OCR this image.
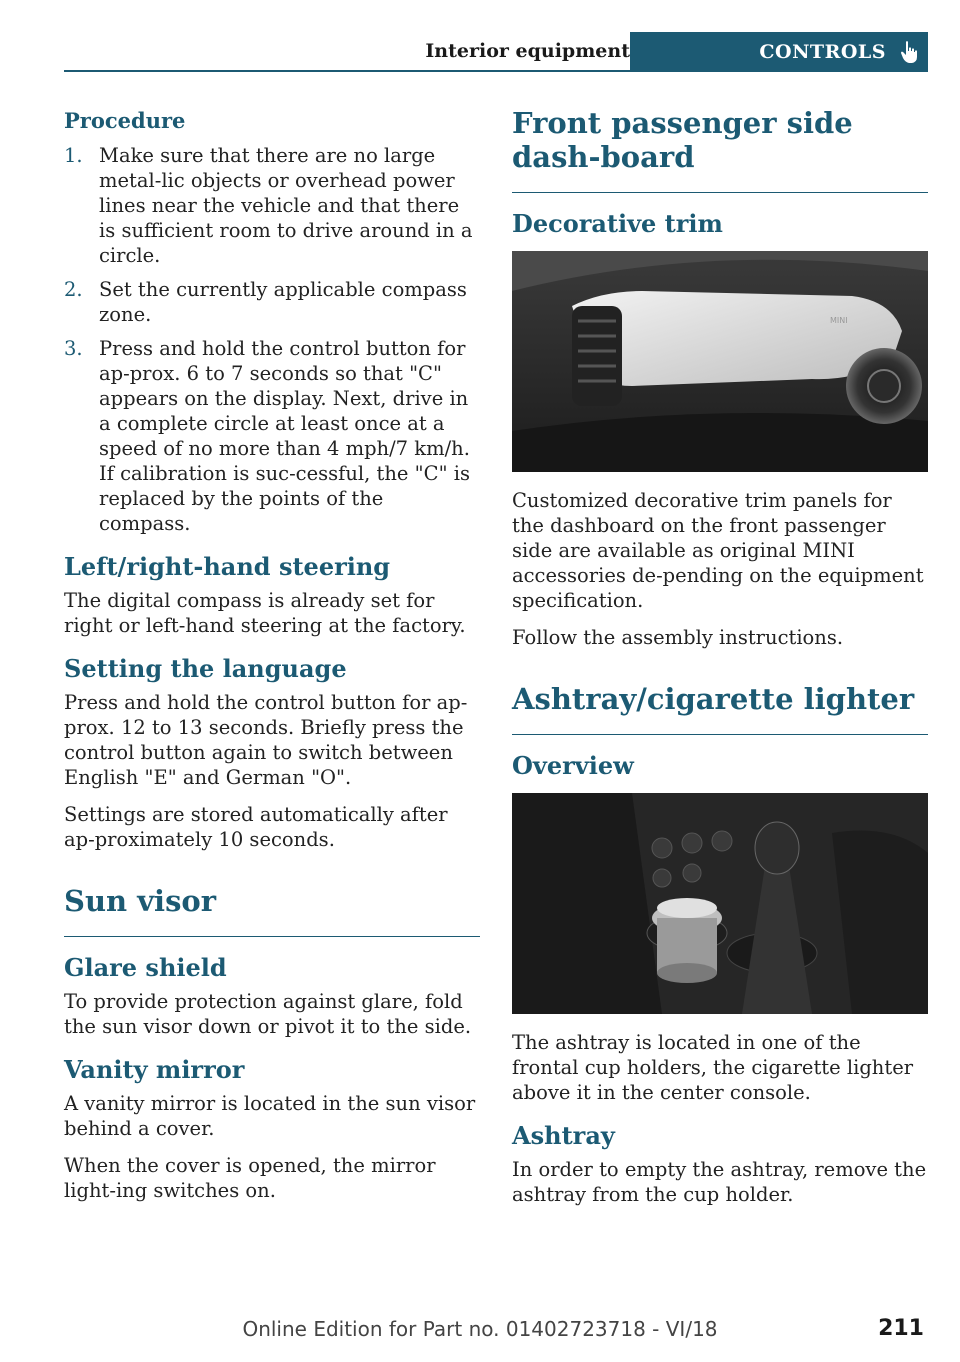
Interior equipment	CONTROLS
Procedure
1. Make sure that there are no large metal-lic objects or overhead power lines near the vehicle and that there is sufficient room to drive around in a circle.
2. Set the currently applicable compass zone.
3. Press and hold the control button for ap-prox. 6 to 7 seconds so that "C" appears on the display. Next, drive in a complete circle at least once at a speed of no more than 4 mph/7 km/h. If calibration is suc-cessful, the "C" is replaced by the points of the compass.
Left/right-hand steering

The digital compass is already set for right or left-hand steering at the factory.

Setting the language

Press and hold the control button for ap-prox. 12 to 13 seconds. Briefly press the control button again to switch between English "E" and German "O".

Settings are stored automatically after ap-proximately 10 seconds.

Sun visor
Glare shield

To provide protection against glare, fold the sun visor down or pivot it to the side.

Vanity mirror

A vanity mirror is located in the sun visor behind a cover.

When the cover is opened, the mirror light-ing switches on.

Front passenger side dash-board
Decorative trim
MINI

Customized decorative trim panels for the dashboard on the front passenger side are available as original MINI accessories de-pending on the equipment specification.

Follow the assembly instructions.

Ashtray/cigarette lighter
Overview

The ashtray is located in one of the frontal cup holders, the cigarette lighter above it in the center console.

Ashtray

In order to empty the ashtray, remove the ashtray from the cup holder.

Online Edition for Part no. 01402723718 - VI/18	211
